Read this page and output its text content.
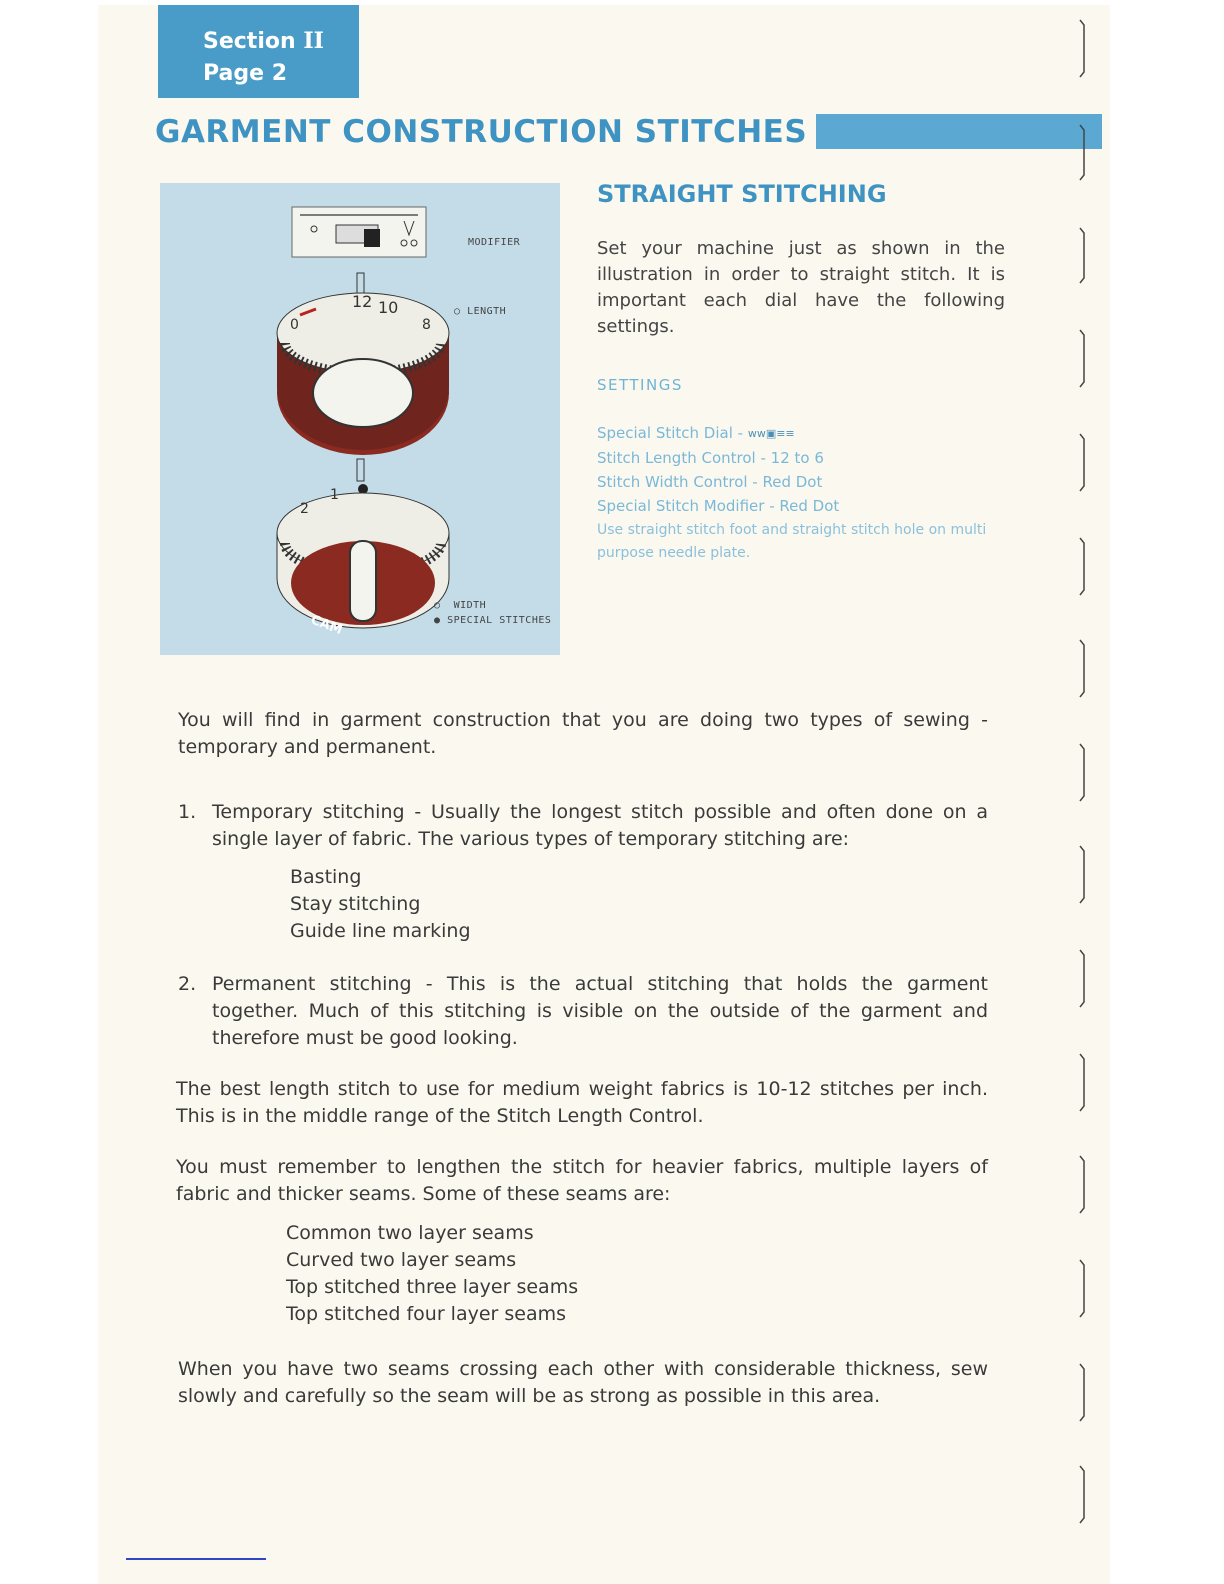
Section II
Page 2
GARMENT CONSTRUCTION STITCHES
12 10
8
0
CAM
1
2
MODIFIER
○ LENGTH
○ WIDTH
● SPECIAL STITCHES
STRAIGHT STITCHING
Set your machine just as shown in the illustration in order to straight stitch. It is important each dial have the following settings.
SETTINGS
Special Stitch Dial - ww▣≡≡
Stitch Length Control - 12 to 6
Stitch Width Control - Red Dot
Special Stitch Modifier - Red Dot
Use straight stitch foot and straight stitch hole on multi purpose needle plate.
You will find in garment construction that you are doing two types of sewing - temporary and permanent.
1. Temporary stitching - Usually the longest stitch possible and often done on a single layer of fabric. The various types of temporary stitching are:
Basting
Stay stitching
Guide line marking
2. Permanent stitching - This is the actual stitching that holds the garment together. Much of this stitching is visible on the outside of the garment and therefore must be good looking.
The best length stitch to use for medium weight fabrics is 10-12 stitches per inch. This is in the middle range of the Stitch Length Control.
You must remember to lengthen the stitch for heavier fabrics, multiple layers of fabric and thicker seams. Some of these seams are:
Common two layer seams
Curved two layer seams
Top stitched three layer seams
Top stitched four layer seams
When you have two seams crossing each other with considerable thickness, sew slowly and carefully so the seam will be as strong as possible in this area.
